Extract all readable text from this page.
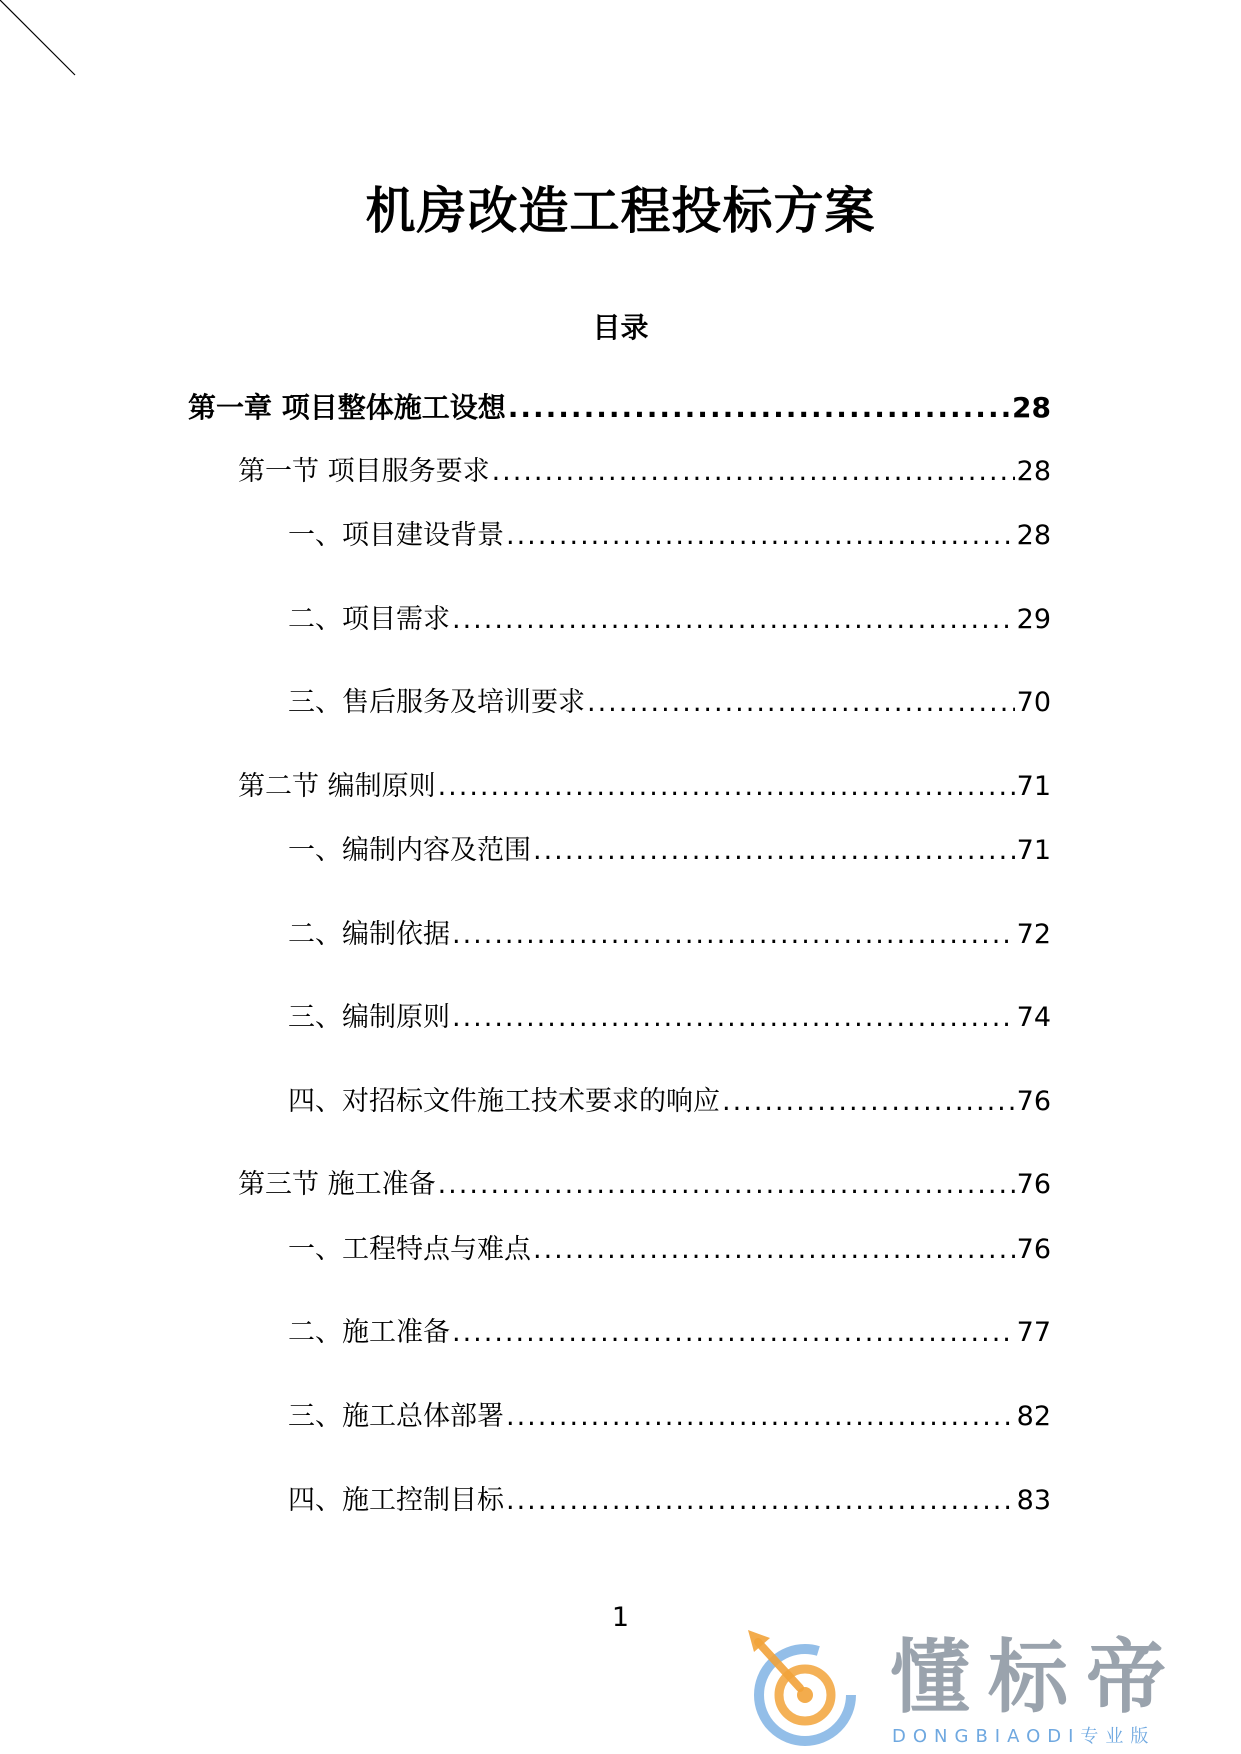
机房改造工程投标方案
目录
第一章 项目整体施工设想 .....	28
第一节 项目服务要求 .....	28
一、项目建设背景 .....	28
二、项目需求 .....	29
三、售后服务及培训要求 .....	70
第二节 编制原则 .....	71
一、编制内容及范围 .....	71
二、编制依据 .....	72
三、编制原则 .....	74
四、对招标文件施工技术要求的响应 .....	76
第三节 施工准备 .....	76
一、工程特点与难点 .....	76
二、施工准备 .....	77
三、施工总体部署 .....	82
四、施工控制目标 .....	83
1
懂标帝
DONGBIAODI专业版
